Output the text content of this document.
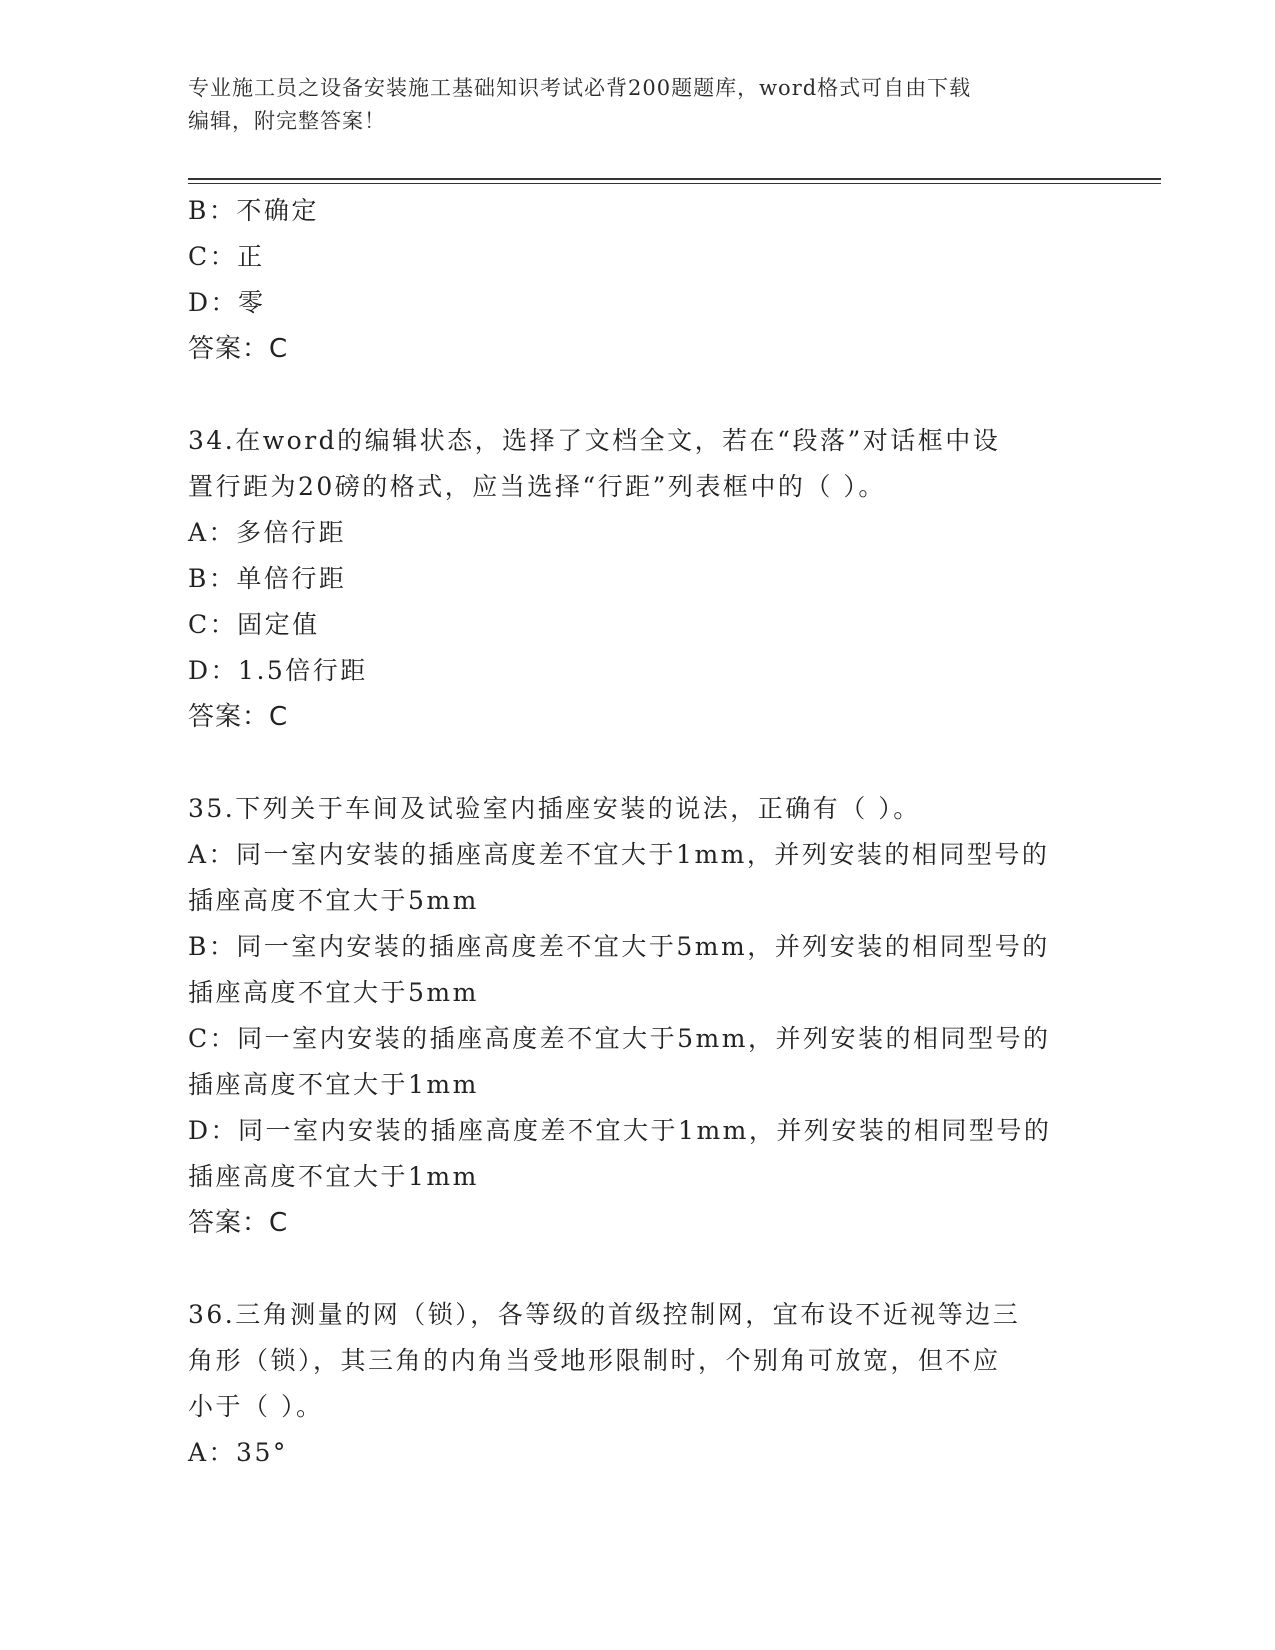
专业施工员之设备安装施工基础知识考试必背200题题库，word格式可自由下载
编辑，附完整答案！
B：不确定
C：正
D：零
答案：C
34.在word的编辑状态，选择了文档全文，若在“段落”对话框中设
置行距为20磅的格式，应当选择“行距”列表框中的（ ）。
A：多倍行距
B：单倍行距
C：固定值
D：1.5倍行距
答案：C
35.下列关于车间及试验室内插座安装的说法，正确有（ ）。
A：同一室内安装的插座高度差不宜大于1mm，并列安装的相同型号的
插座高度不宜大于5mm
B：同一室内安装的插座高度差不宜大于5mm，并列安装的相同型号的
插座高度不宜大于5mm
C：同一室内安装的插座高度差不宜大于5mm，并列安装的相同型号的
插座高度不宜大于1mm
D：同一室内安装的插座高度差不宜大于1mm，并列安装的相同型号的
插座高度不宜大于1mm
答案：C
36.三角测量的网（锁），各等级的首级控制网，宜布设不近视等边三
角形（锁），其三角的内角当受地形限制时，个别角可放宽，但不应
小于（ ）。
A：35°
